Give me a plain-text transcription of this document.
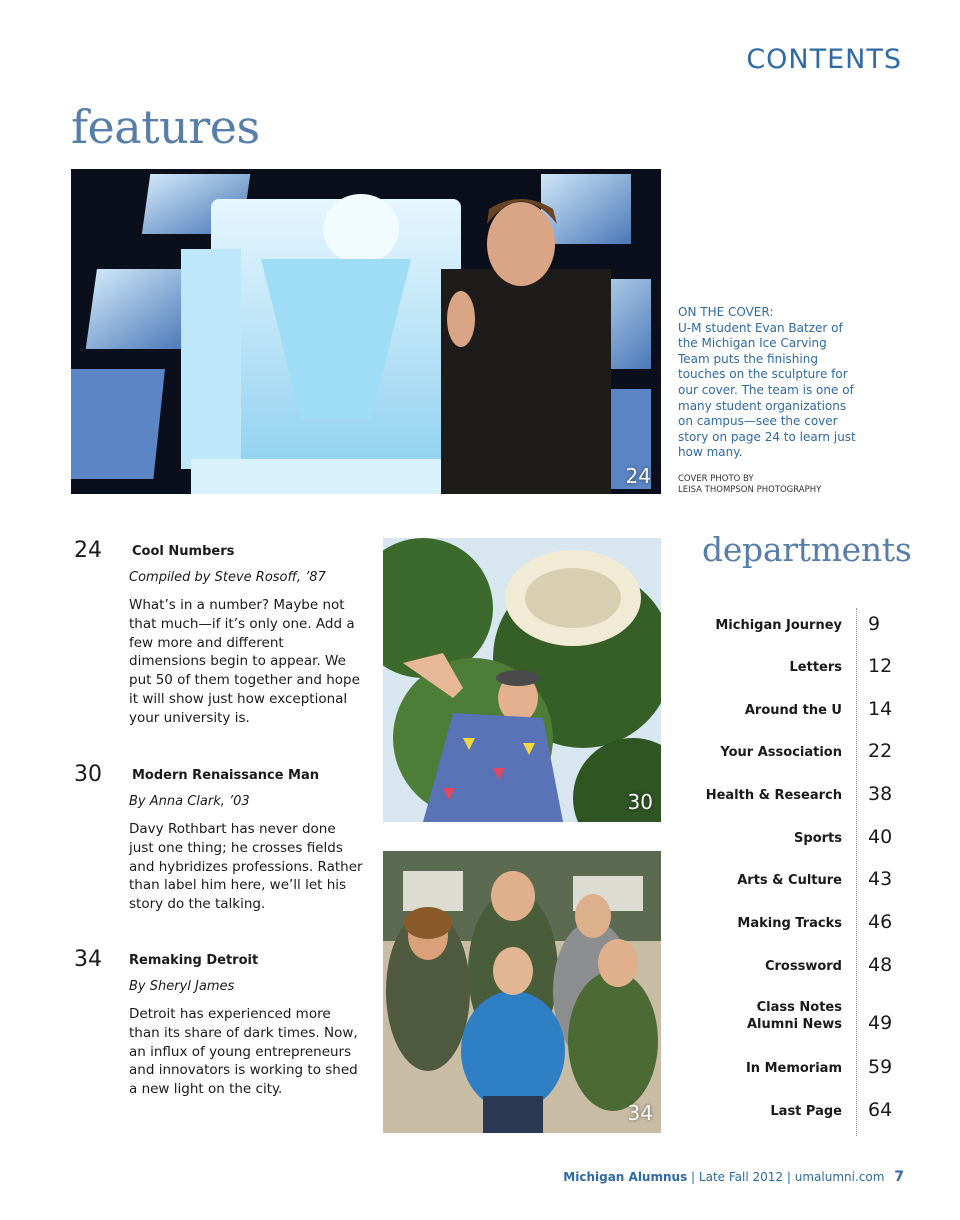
CONTENTS
features
24
ON THE COVER:
U-M student Evan Batzer of the Michigan Ice Carving Team puts the finishing touches on the sculpture for our cover. The team is one of many student organizations on campus—see the cover story on page 24 to learn just how many.
COVER PHOTO BY
LEISA THOMPSON PHOTOGRAPHY
24 Cool Numbers
Compiled by Steve Rosoff, ’87
What’s in a number? Maybe not that much—if it’s only one. Add a few more and different dimensions begin to appear. We put 50 of them together and hope it will show just how exceptional your university is.
30 Modern Renaissance Man
By Anna Clark, ’03
Davy Rothbart has never done just one thing; he crosses fields and hybridizes professions. Rather than label him here, we’ll let his story do the talking.
34 Remaking Detroit
By Sheryl James
Detroit has experienced more than its share of dark times. Now, an influx of young entrepreneurs and innovators is working to shed a new light on the city.
30
34
departments
Michigan Journey 9
Letters 12
Around the U 14
Your Association 22
Health & Research 38
Sports 40
Arts & Culture 43
Making Tracks 46
Crossword 48
Class Notes
Alumni News 49
In Memoriam 59
Last Page 64
Michigan Alumnus | Late Fall 2012 | umalumni.com 7
